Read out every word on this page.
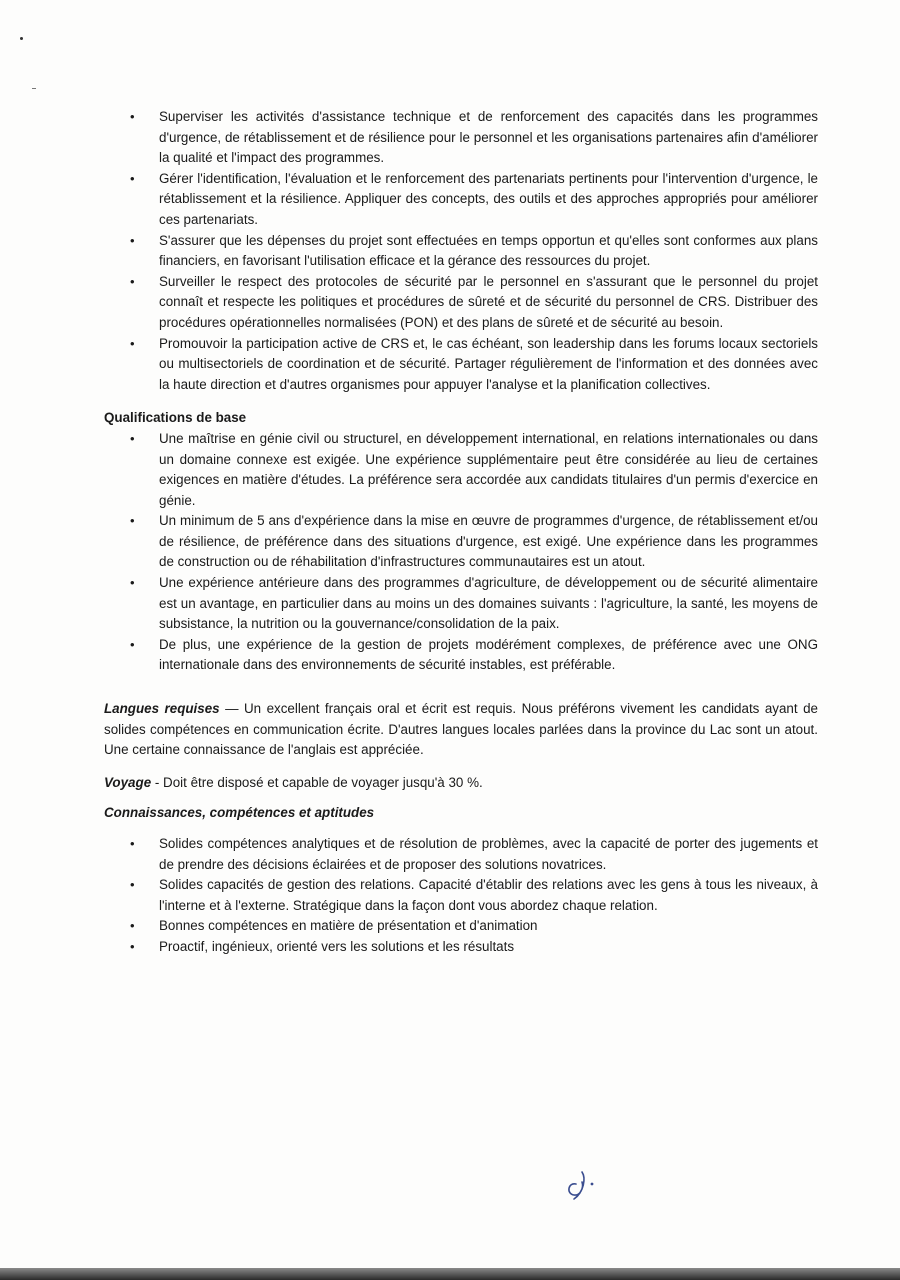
• Superviser les activités d'assistance technique et de renforcement des capacités dans les programmes d'urgence, de rétablissement et de résilience pour le personnel et les organisations partenaires afin d'améliorer la qualité et l'impact des programmes.
• Gérer l'identification, l'évaluation et le renforcement des partenariats pertinents pour l'intervention d'urgence, le rétablissement et la résilience. Appliquer des concepts, des outils et des approches appropriés pour améliorer ces partenariats.
• S'assurer que les dépenses du projet sont effectuées en temps opportun et qu'elles sont conformes aux plans financiers, en favorisant l'utilisation efficace et la gérance des ressources du projet.
• Surveiller le respect des protocoles de sécurité par le personnel en s'assurant que le personnel du projet connaît et respecte les politiques et procédures de sûreté et de sécurité du personnel de CRS. Distribuer des procédures opérationnelles normalisées (PON) et des plans de sûreté et de sécurité au besoin.
• Promouvoir la participation active de CRS et, le cas échéant, son leadership dans les forums locaux sectoriels ou multisectoriels de coordination et de sécurité. Partager régulièrement de l'information et des données avec la haute direction et d'autres organismes pour appuyer l'analyse et la planification collectives.
Qualifications de base
• Une maîtrise en génie civil ou structurel, en développement international, en relations internationales ou dans un domaine connexe est exigée. Une expérience supplémentaire peut être considérée au lieu de certaines exigences en matière d'études. La préférence sera accordée aux candidats titulaires d'un permis d'exercice en génie.
• Un minimum de 5 ans d'expérience dans la mise en œuvre de programmes d'urgence, de rétablissement et/ou de résilience, de préférence dans des situations d'urgence, est exigé. Une expérience dans les programmes de construction ou de réhabilitation d'infrastructures communautaires est un atout.
• Une expérience antérieure dans des programmes d'agriculture, de développement ou de sécurité alimentaire est un avantage, en particulier dans au moins un des domaines suivants : l'agriculture, la santé, les moyens de subsistance, la nutrition ou la gouvernance/consolidation de la paix.
• De plus, une expérience de la gestion de projets modérément complexes, de préférence avec une ONG internationale dans des environnements de sécurité instables, est préférable.

Langues requises — Un excellent français oral et écrit est requis. Nous préférons vivement les candidats ayant de solides compétences en communication écrite. D'autres langues locales parlées dans la province du Lac sont un atout. Une certaine connaissance de l'anglais est appréciée.

Voyage - Doit être disposé et capable de voyager jusqu'à 30 %.

Connaissances, compétences et aptitudes
• Solides compétences analytiques et de résolution de problèmes, avec la capacité de porter des jugements et de prendre des décisions éclairées et de proposer des solutions novatrices.
• Solides capacités de gestion des relations. Capacité d'établir des relations avec les gens à tous les niveaux, à l'interne et à l'externe. Stratégique dans la façon dont vous abordez chaque relation.
• Bonnes compétences en matière de présentation et d'animation
• Proactif, ingénieux, orienté vers les solutions et les résultats
